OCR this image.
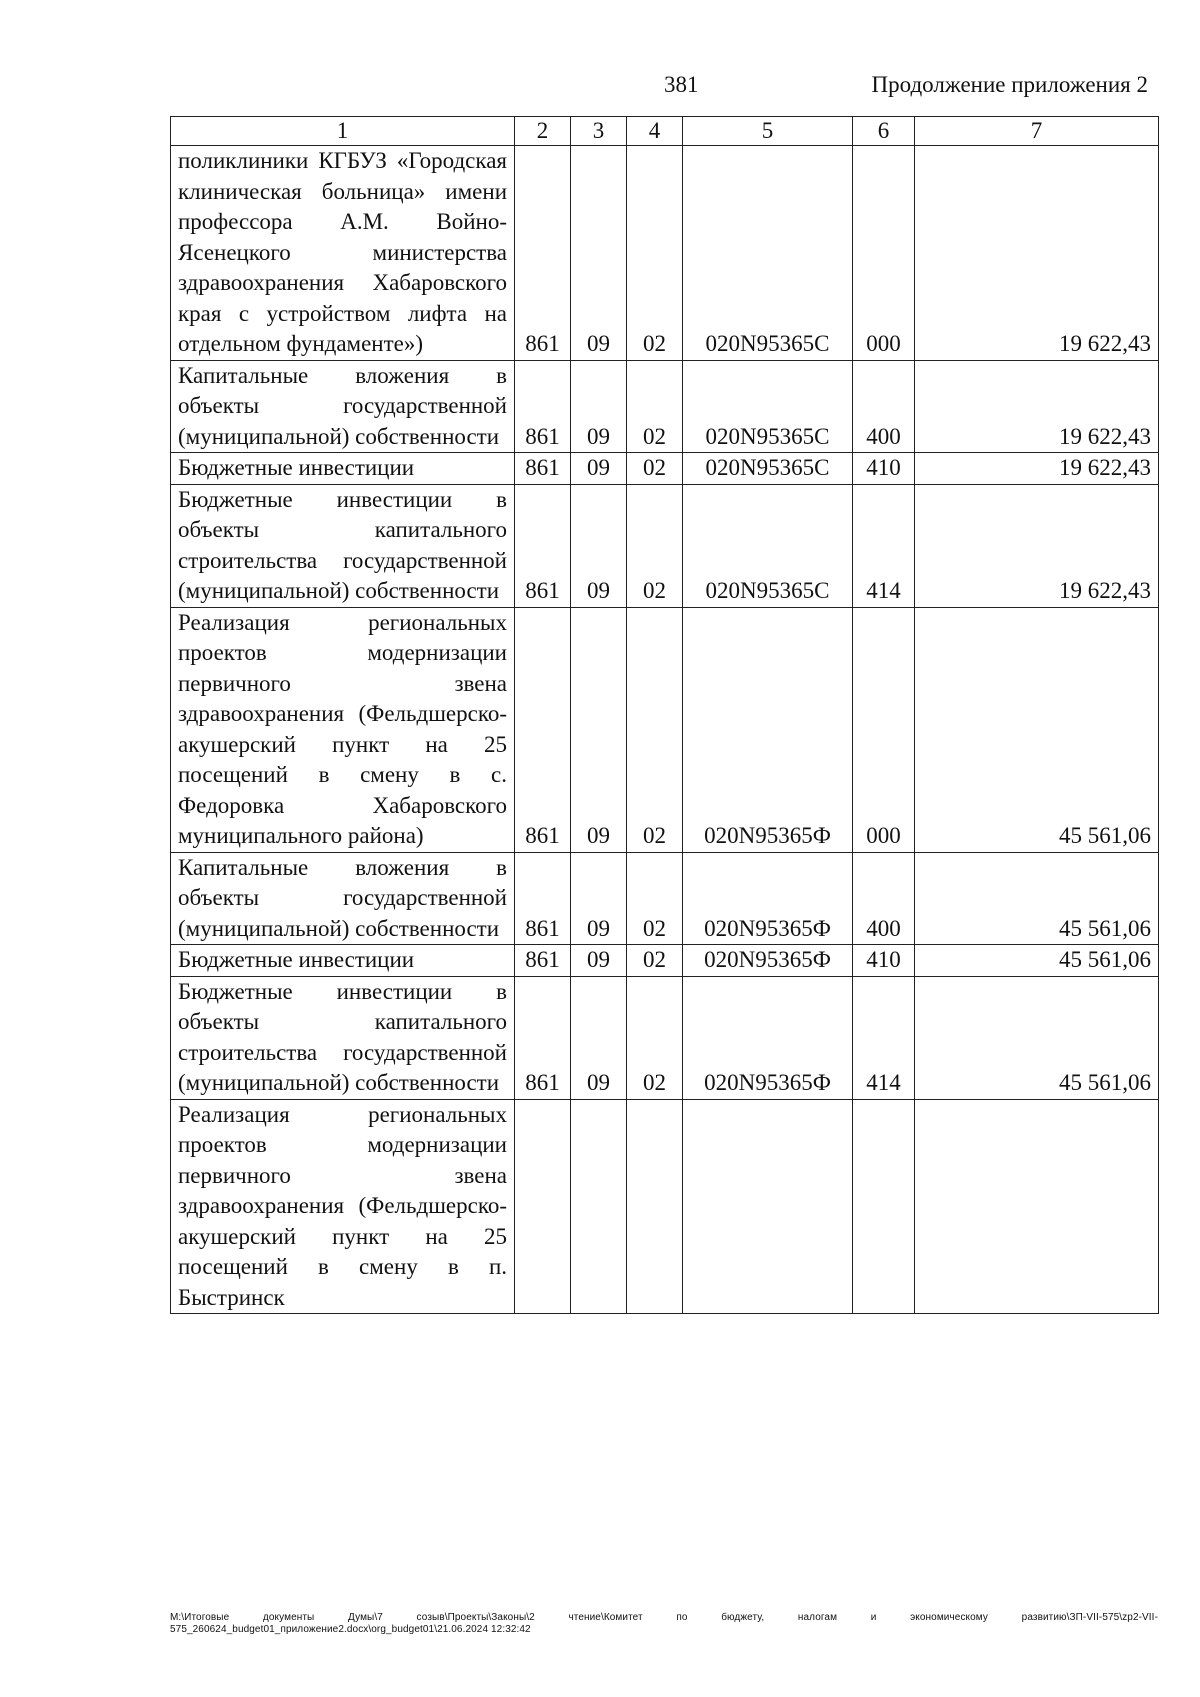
381	Продолжение приложения 2
1	2	3	4	5	6	7
поликлиники КГБУЗ «Городская клиническая больница» имени профессора А.М. Войно-Ясенецкого министерства здравоохранения Хабаровского края с устройством лифта на отдельном фундаменте»)	861	09	02	020N95365C	000	19 622,43
Капитальные вложения в объекты государственной (муниципальной) собственности	861	09	02	020N95365C	400	19 622,43
Бюджетные инвестиции	861	09	02	020N95365C	410	19 622,43
Бюджетные инвестиции в объекты капитального строительства государственной (муниципальной) собственности	861	09	02	020N95365C	414	19 622,43
Реализация региональных проектов модернизации первичного звена здравоохранения (Фельдшерско-акушерский пункт на 25 посещений в смену в с. Федоровка Хабаровского муниципального района)	861	09	02	020N95365Ф	000	45 561,06
Капитальные вложения в объекты государственной (муниципальной) собственности	861	09	02	020N95365Ф	400	45 561,06
Бюджетные инвестиции	861	09	02	020N95365Ф	410	45 561,06
Бюджетные инвестиции в объекты капитального строительства государственной (муниципальной) собственности	861	09	02	020N95365Ф	414	45 561,06
Реализация региональных проектов модернизации первичного звена здравоохранения (Фельдшерско-акушерский пункт на 25 посещений в смену в п. Быстринск						
M:\Итоговые документы Думы\7 созыв\Проекты\Законы\2 чтение\Комитет по бюджету, налогам и экономическому развитию\ЗП-VII-575\zp2-VII-575_260624_budget01_приложение2.docx\org_budget01\21.06.2024 12:32:42
